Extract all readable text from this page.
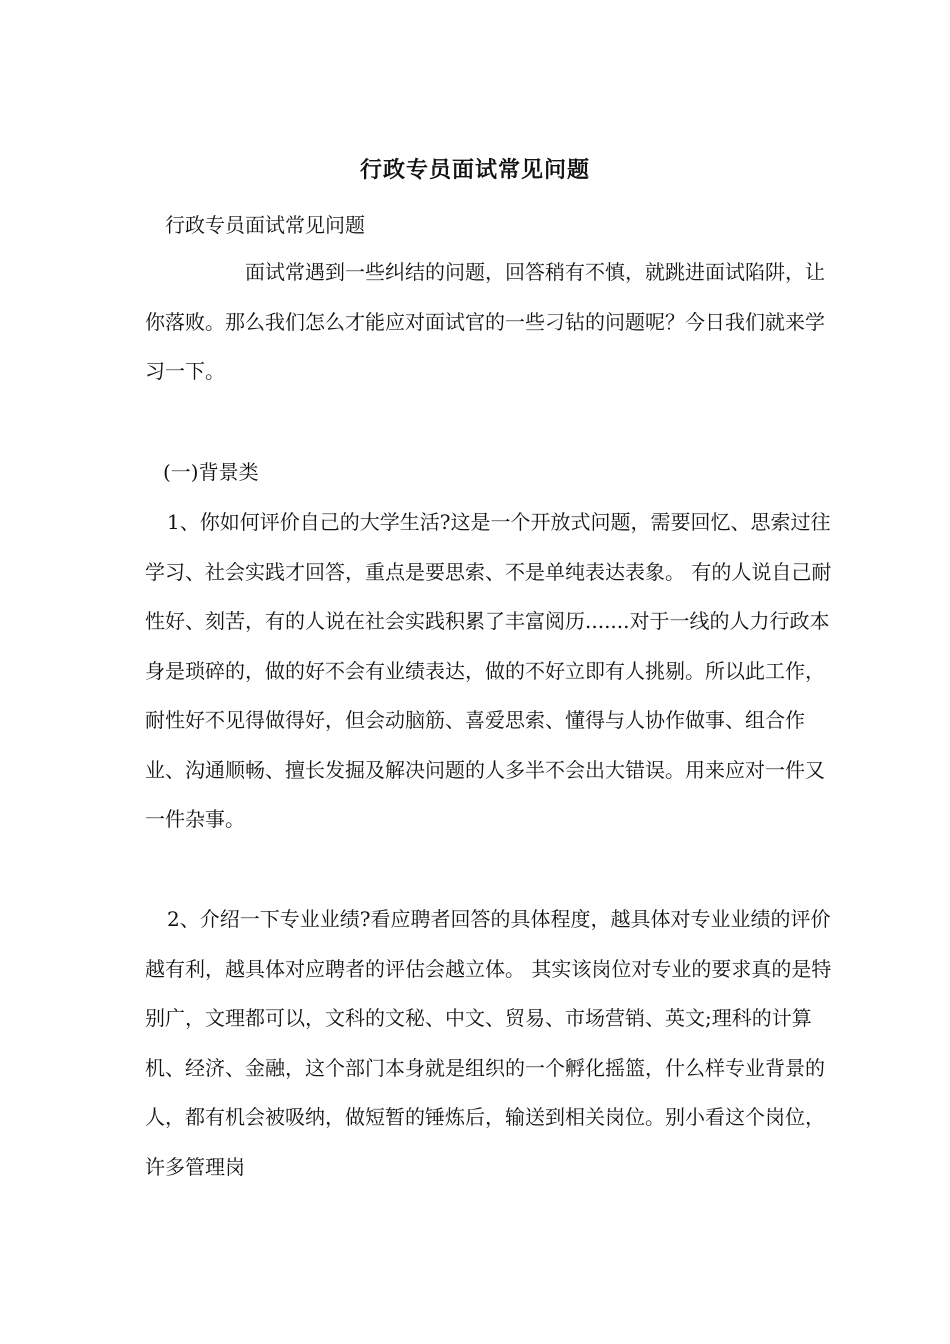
行政专员面试常见问题
行政专员面试常见问题
面试常遇到一些纠结的问题，回答稍有不慎，就跳进面试陷阱，让你落败。那么我们怎么才能应对面试官的一些刁钻的问题呢？今日我们就来学习一下。
(一)背景类
1、你如何评价自己的大学生活?这是一个开放式问题，需要回忆、思索过往学习、社会实践才回答，重点是要思索、不是单纯表达表象。 有的人说自己耐性好、刻苦，有的人说在社会实践积累了丰富阅历.......对于一线的人力行政本身是琐碎的，做的好不会有业绩表达，做的不好立即有人挑剔。所以此工作，耐性好不见得做得好，但会动脑筋、喜爱思索、懂得与人协作做事、组合作业、沟通顺畅、擅长发掘及解决问题的人多半不会出大错误。用来应对一件又一件杂事。
2、介绍一下专业业绩?看应聘者回答的具体程度，越具体对专业业绩的评价越有利，越具体对应聘者的评估会越立体。 其实该岗位对专业的要求真的是特别广，文理都可以，文科的文秘、中文、贸易、市场营销、英文;理科的计算机、经济、金融，这个部门本身就是组织的一个孵化摇篮，什么样专业背景的人，都有机会被吸纳，做短暂的锤炼后，输送到相关岗位。别小看这个岗位，许多管理岗
